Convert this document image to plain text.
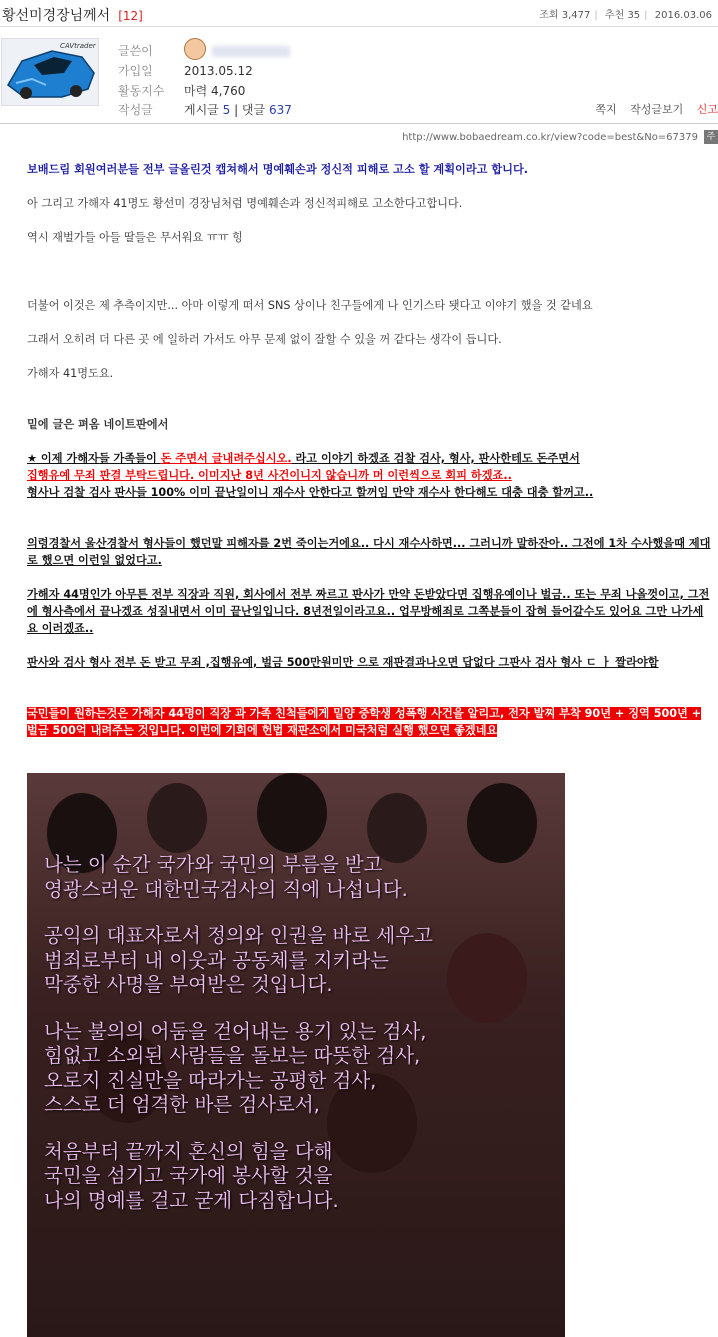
황선미경장님께서 [12]	조회 3,477 | 추천 35 | 2016.03.06
CAVtrader 글쓴이
가입일	2013.05.12
활동지수 마력 4,760
작성글	게시글 5 | 댓글 637	쪽지 작성글보기 신고
http://www.bobaedream.co.kr/view?code=best&No=67379 주

보배드림 회원여러분들 전부 글올린것 캡쳐해서 명예훼손과 정신적 피해로 고소 할 계획이라고 합니다.

아 그리고 가해자 41명도 황선미 경장님처럼 명예훼손과 정신적피해로 고소한다고합니다.

역시 재벌가들 아들 딸들은 무서워요 ㅠㅠ 힝

더불어 이것은 제 추측이지만... 아마 이렇게 떠서 SNS 상이나 친구들에게 나 인기스타 됏다고 이야기 했을 것 같네요

그래서 오히려 더 다른 곳 에 일하러 가서도 아무 문제 없이 잘할 수 있을 꺼 같다는 생각이 듭니다.

가해자 41명도요.

밑에 글은 펴옴 네이트판에서

★ 이제 가해자들 가족들이 돈 주면서 글내려주십시오. 라고 이야기 하겠죠 검찰 검사, 형사, 판사한테도 돈주면서
집행유예 무죄 판결 부탁드립니다. 이미지난 8년 사건이니지 않습니까 머 이런씩으로 회피 하겠죠..
형사나 검찰 검사 판사들 100% 이미 끝난일이니 재수사 안한다고 할꺼임 만약 재수사 한다해도 대충 대충 할꺼고..

의령경찰서 울산경찰서 형사들이 했던말 피해자를 2번 죽이는거에요.. 다시 재수사하면... 그러니까 말하잔아.. 그전에 1차 수사했을때 제대로 했으면 이런일 없었다고.

가해자 44명인가 아무튼 전부 직장과 직원, 회사에서 전부 짜르고 판사가 만약 돈받았다면 집행유예이나 벌금.. 또는 무죄 나올껏이고, 그전에 형사측에서 끝나겠죠 성질내면서 이미 끝난일입니다. 8년전일이라고요.. 업무방해죄로 그쪽분들이 잡혀 들어갈수도 있어요 그만 나가세요 이러겠죠..

판사와 검사 형사 전부 돈 받고 무죄 ,집행유예, 벌금 500만원미만 으로 재판결과나오면 답없다 그판사 검사 형사 ㄷ ㅏ 짤라야함

국민들이 원하는것은 가해자 44명이 직장 과 가족 친척들에게 밀양 중학생 성폭행 사건을 알리고, 전자 발찌 부착 90년 + 징역 500년 + 벌금 500억 내려주는 것입니다. 이번에 기회에 헌법 재판소에서 미국처럼 실행 했으면 좋겠네요

나는 이 순간 국가와 국민의 부름을 받고
영광스러운 대한민국검사의 직에 나섭니다.

공익의 대표자로서 정의와 인권을 바로 세우고
범죄로부터 내 이웃과 공동체를 지키라는
막중한 사명을 부여받은 것입니다.

나는 불의의 어둠을 걷어내는 용기 있는 검사,
힘없고 소외된 사람들을 돌보는 따뜻한 검사,
오로지 진실만을 따라가는 공평한 검사,
스스로 더 엄격한 바른 검사로서,

처음부터 끝까지 혼신의 힘을 다해
국민을 섬기고 국가에 봉사할 것을
나의 명예를 걸고 굳게 다짐합니다.
